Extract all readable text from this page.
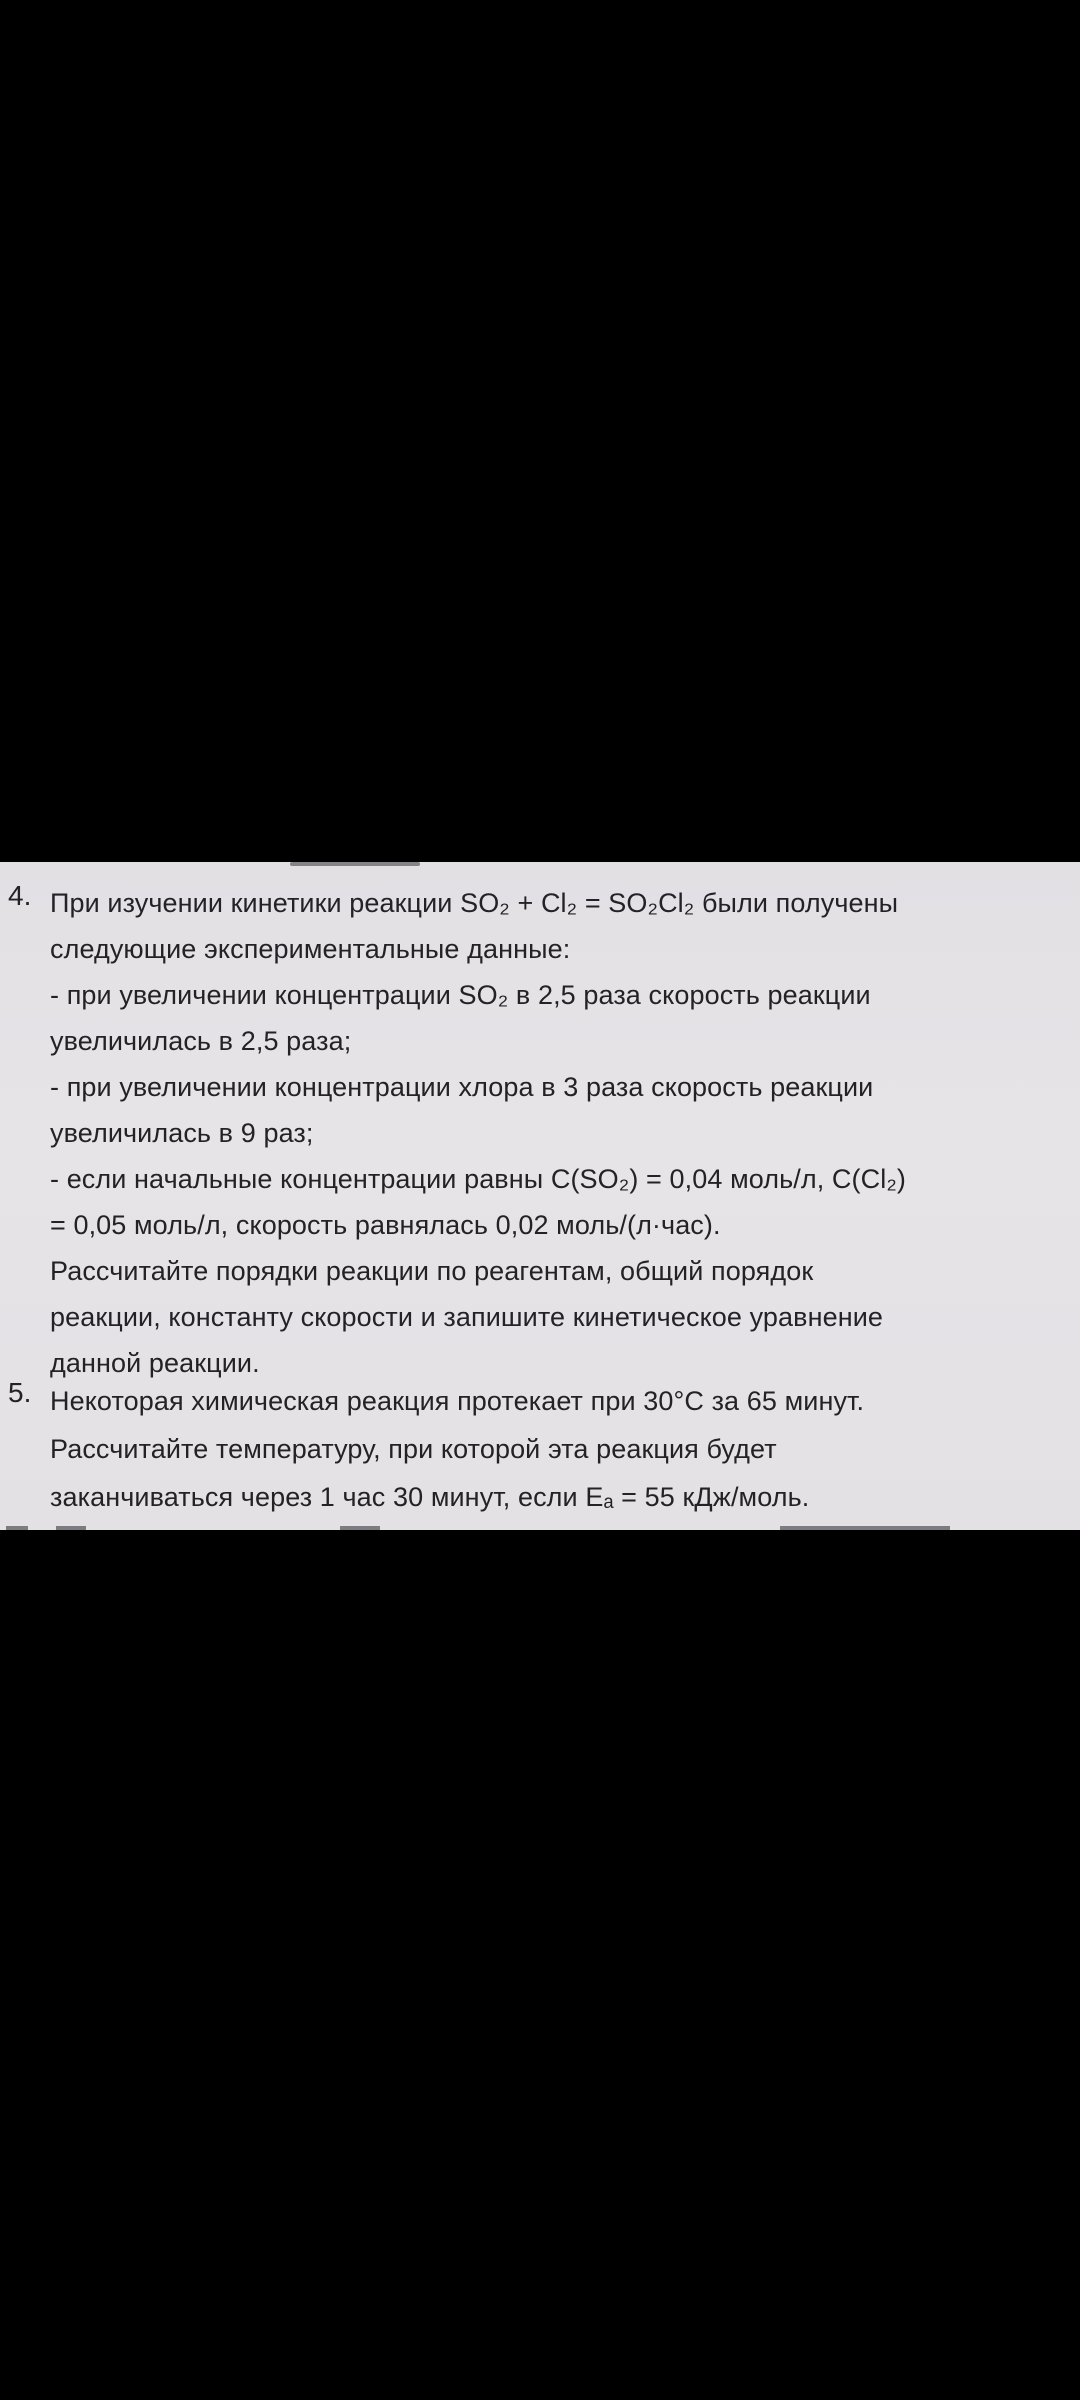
4. При изучении кинетики реакции SO₂ + Cl₂ = SO₂Cl₂ были получены
следующие экспериментальные данные:
- при увеличении концентрации SO₂ в 2,5 раза скорость реакции
увеличилась в 2,5 раза;
- при увеличении концентрации хлора в 3 раза скорость реакции
увеличилась в 9 раз;
- если начальные концентрации равны C(SO₂) = 0,04 моль/л, C(Cl₂)
= 0,05 моль/л, скорость равнялась 0,02 моль/(л·час).
Рассчитайте порядки реакции по реагентам, общий порядок
реакции, константу скорости и запишите кинетическое уравнение
данной реакции.
5. Некоторая химическая реакция протекает при 30°С за 65 минут.
Рассчитайте температуру, при которой эта реакция будет
заканчиваться через 1 час 30 минут, если Eₐ = 55 кДж/моль.
